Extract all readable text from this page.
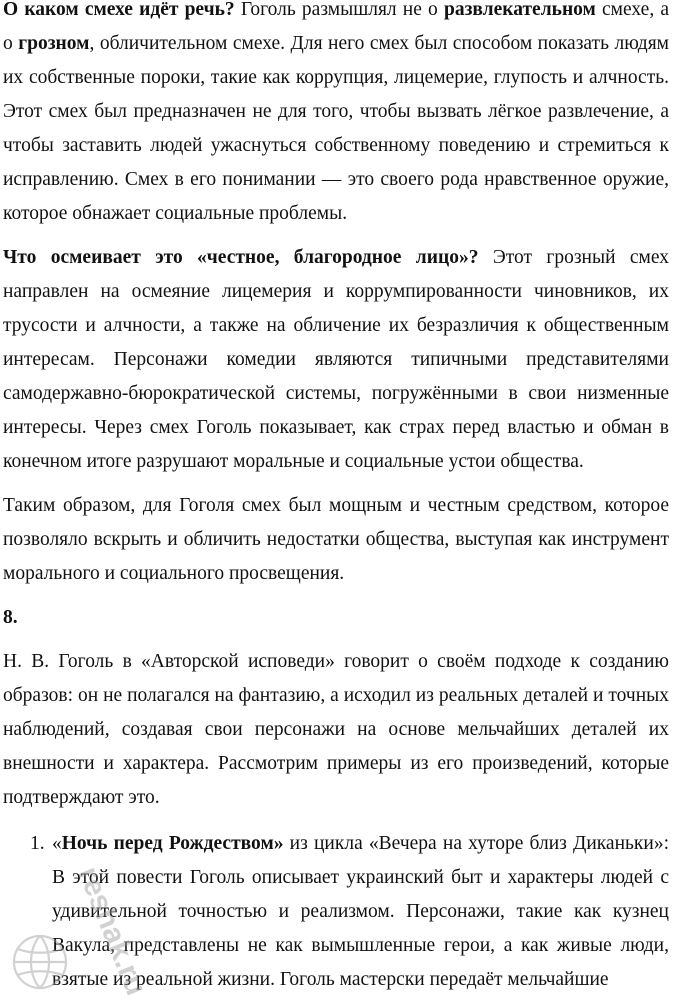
О каком смехе идёт речь? Гоголь размышлял не о развлекательном смехе, а о грозном, обличительном смехе. Для него смех был способом показать людям их собственные пороки, такие как коррупция, лицемерие, глупость и алчность. Этот смех был предназначен не для того, чтобы вызвать лёгкое развлечение, а чтобы заставить людей ужаснуться собственному поведению и стремиться к исправлению. Смех в его понимании — это своего рода нравственное оружие, которое обнажает социальные проблемы.

Что осмеивает это «честное, благородное лицо»? Этот грозный смех направлен на осмеяние лицемерия и коррумпированности чиновников, их трусости и алчности, а также на обличение их безразличия к общественным интересам. Персонажи комедии являются типичными представителями самодержавно-бюрократической системы, погружёнными в свои низменные интересы. Через смех Гоголь показывает, как страх перед властью и обман в конечном итоге разрушают моральные и социальные устои общества.

Таким образом, для Гоголя смех был мощным и честным средством, которое позволяло вскрыть и обличить недостатки общества, выступая как инструмент морального и социального просвещения.

8.

Н. В. Гоголь в «Авторской исповеди» говорит о своём подходе к созданию образов: он не полагался на фантазию, а исходил из реальных деталей и точных наблюдений, создавая свои персонажи на основе мельчайших деталей их внешности и характера. Рассмотрим примеры из его произведений, которые подтверждают это.

1. «Ночь перед Рождеством» из цикла «Вечера на хуторе близ Диканьки»: В этой повести Гоголь описывает украинский быт и характеры людей с удивительной точностью и реализмом. Персонажи, такие как кузнец Вакула, представлены не как вымышленные герои, а как живые люди, взятые из реальной жизни. Гоголь мастерски передаёт мельчайшие
reshak.ru
